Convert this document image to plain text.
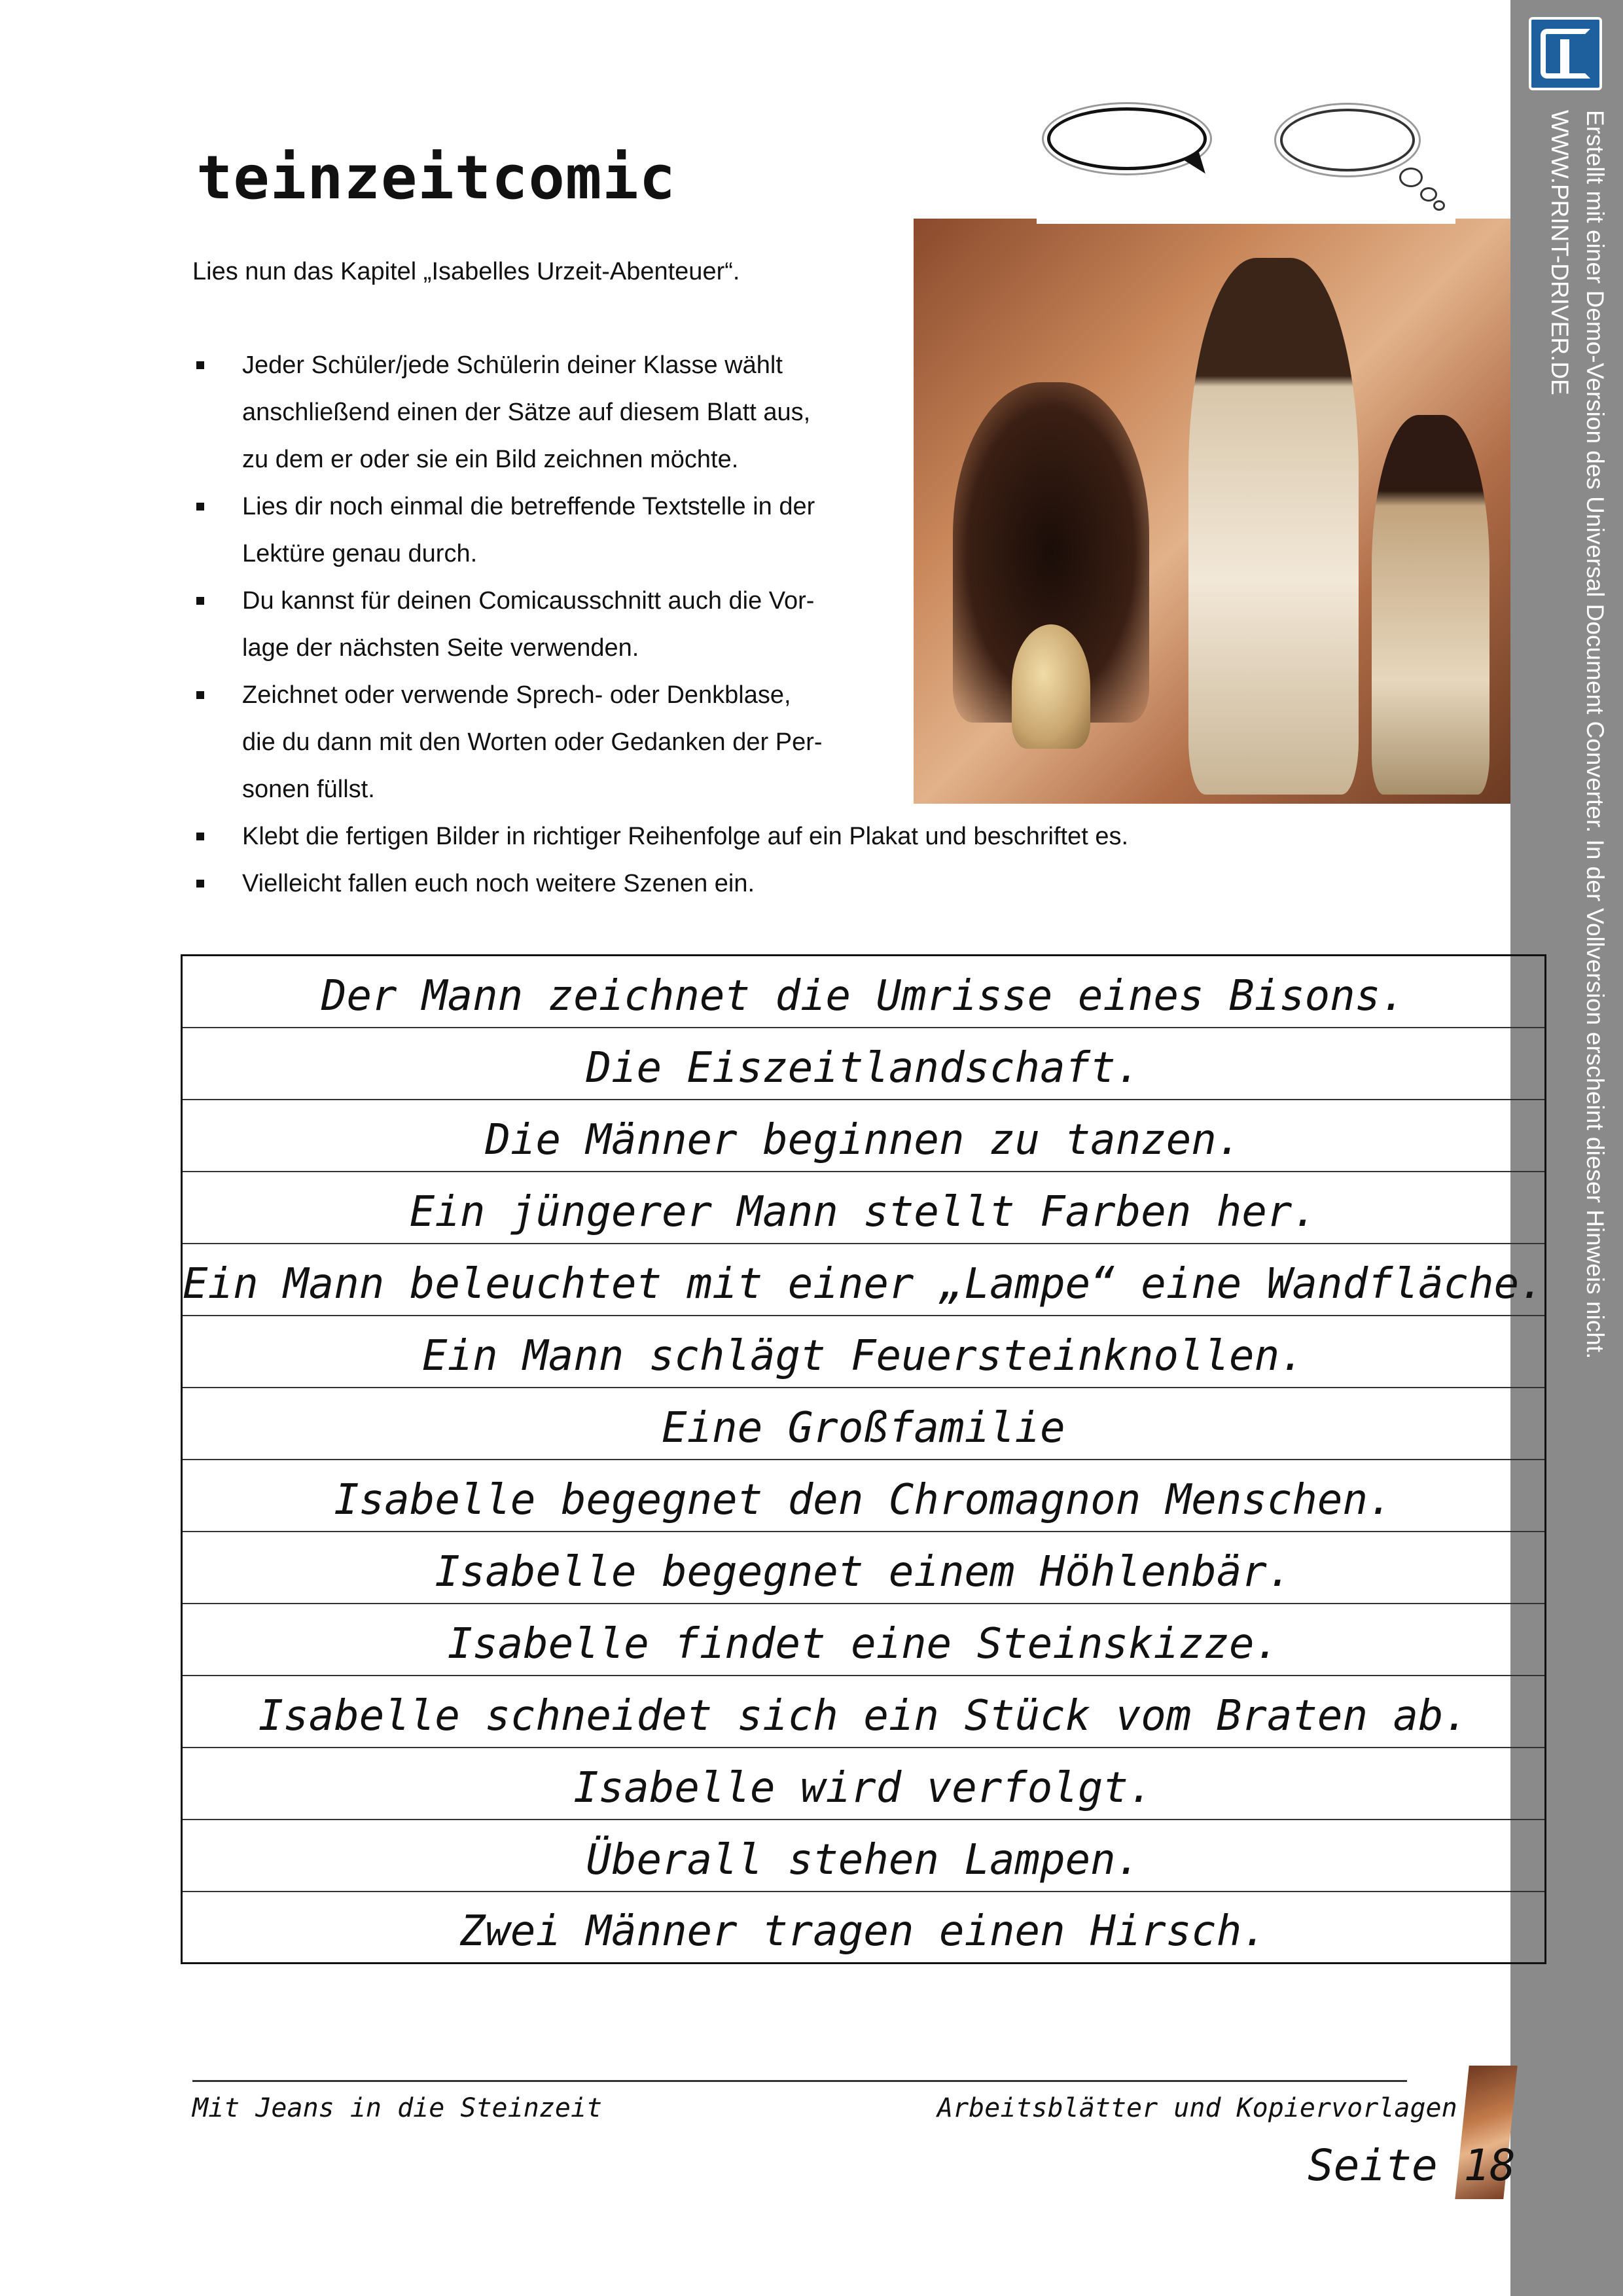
Erstellt mit einer Demo-Version des Universal Document Converter. In der Vollversion erscheint dieser Hinweis nicht.
WWW.PRINT-DRIVER.DE
teinzeitcomic
Lies nun das Kapitel „Isabelles Urzeit-Abenteuer“.
Jeder Schüler/jede Schülerin deiner Klasse wählt
anschließend einen der Sätze auf diesem Blatt aus,
zu dem er oder sie ein Bild zeichnen möchte.
Lies dir noch einmal die betreffende Textstelle in der
Lektüre genau durch.
Du kannst für deinen Comicausschnitt auch die Vor-
lage der nächsten Seite verwenden.
Zeichnet oder verwende Sprech- oder Denkblase,
die du dann mit den Worten oder Gedanken der Per-
sonen füllst.
Klebt die fertigen Bilder in richtiger Reihenfolge auf ein Plakat und beschriftet es.
Vielleicht fallen euch noch weitere Szenen ein.
Der Mann zeichnet die Umrisse eines Bisons.
Die Eiszeitlandschaft.
Die Männer beginnen zu tanzen.
Ein jüngerer Mann stellt Farben her.
Ein Mann beleuchtet mit einer „Lampe“ eine Wandfläche.
Ein Mann schlägt Feuersteinknollen.
Eine Großfamilie
Isabelle begegnet den Chromagnon Menschen.
Isabelle begegnet einem Höhlenbär.
Isabelle findet eine Steinskizze.
Isabelle schneidet sich ein Stück vom Braten ab.
Isabelle wird verfolgt.
Überall stehen Lampen.
Zwei Männer tragen einen Hirsch.
Mit Jeans in die Steinzeit	Arbeitsblätter und Kopiervorlagen
Seite 18
